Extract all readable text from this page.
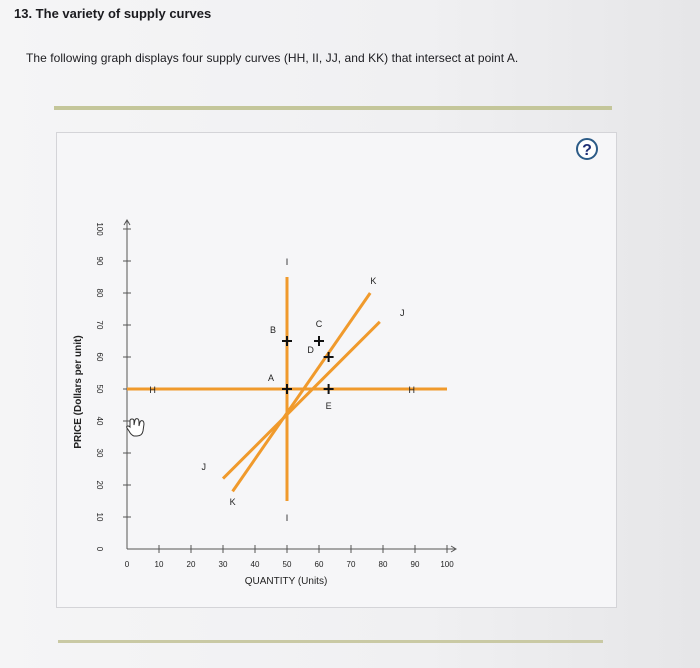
13. The variety of supply curves
The following graph displays four supply curves (HH, II, JJ, and KK) that intersect at point A.
?
0	10	20	30	40	50	60	70	80	90	100
0
10
20
30
40
50
60
70
80
90
100
H	H
I
I
J
J
K
K
A
B
C
D
E
QUANTITY (Units)
PRICE (Dollars per unit)
